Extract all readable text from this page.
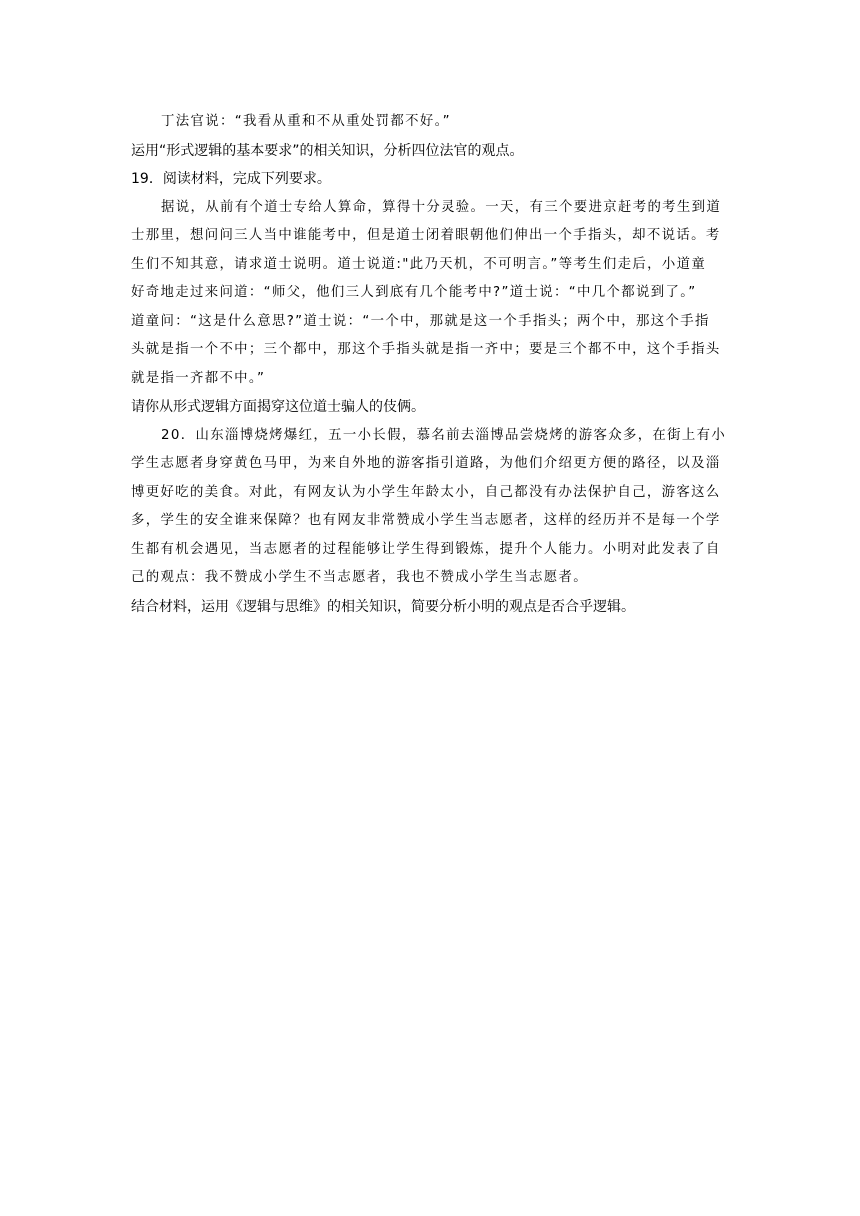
丁法官说：“我看从重和不从重处罚都不好。”

运用“形式逻辑的基本要求”的相关知识，分析四位法官的观点。

19．阅读材料，完成下列要求。

据说，从前有个道士专给人算命，算得十分灵验。一天，有三个要进京赶考的考生到道

士那里，想问问三人当中谁能考中，但是道士闭着眼朝他们伸出一个手指头，却不说话。考

生们不知其意，请求道士说明。道士说道:"此乃天机，不可明言。”等考生们走后，小道童

好奇地走过来问道：“师父，他们三人到底有几个能考中?”道士说：“中几个都说到了。”

道童问：“这是什么意思?”道士说：“一个中，那就是这一个手指头；两个中，那这个手指

头就是指一个不中；三个都中，那这个手指头就是指一齐中；要是三个都不中，这个手指头

就是指一齐都不中。”

请你从形式逻辑方面揭穿这位道士骗人的伎俩。

20．山东淄博烧烤爆红，五一小长假，慕名前去淄博品尝烧烤的游客众多，在街上有小

学生志愿者身穿黄色马甲，为来自外地的游客指引道路，为他们介绍更方便的路径，以及淄

博更好吃的美食。对此，有网友认为小学生年龄太小，自己都没有办法保护自己，游客这么

多，学生的安全谁来保障？也有网友非常赞成小学生当志愿者，这样的经历并不是每一个学

生都有机会遇见，当志愿者的过程能够让学生得到锻炼，提升个人能力。小明对此发表了自

己的观点：我不赞成小学生不当志愿者，我也不赞成小学生当志愿者。

结合材料，运用《逻辑与思维》的相关知识，简要分析小明的观点是否合乎逻辑。
